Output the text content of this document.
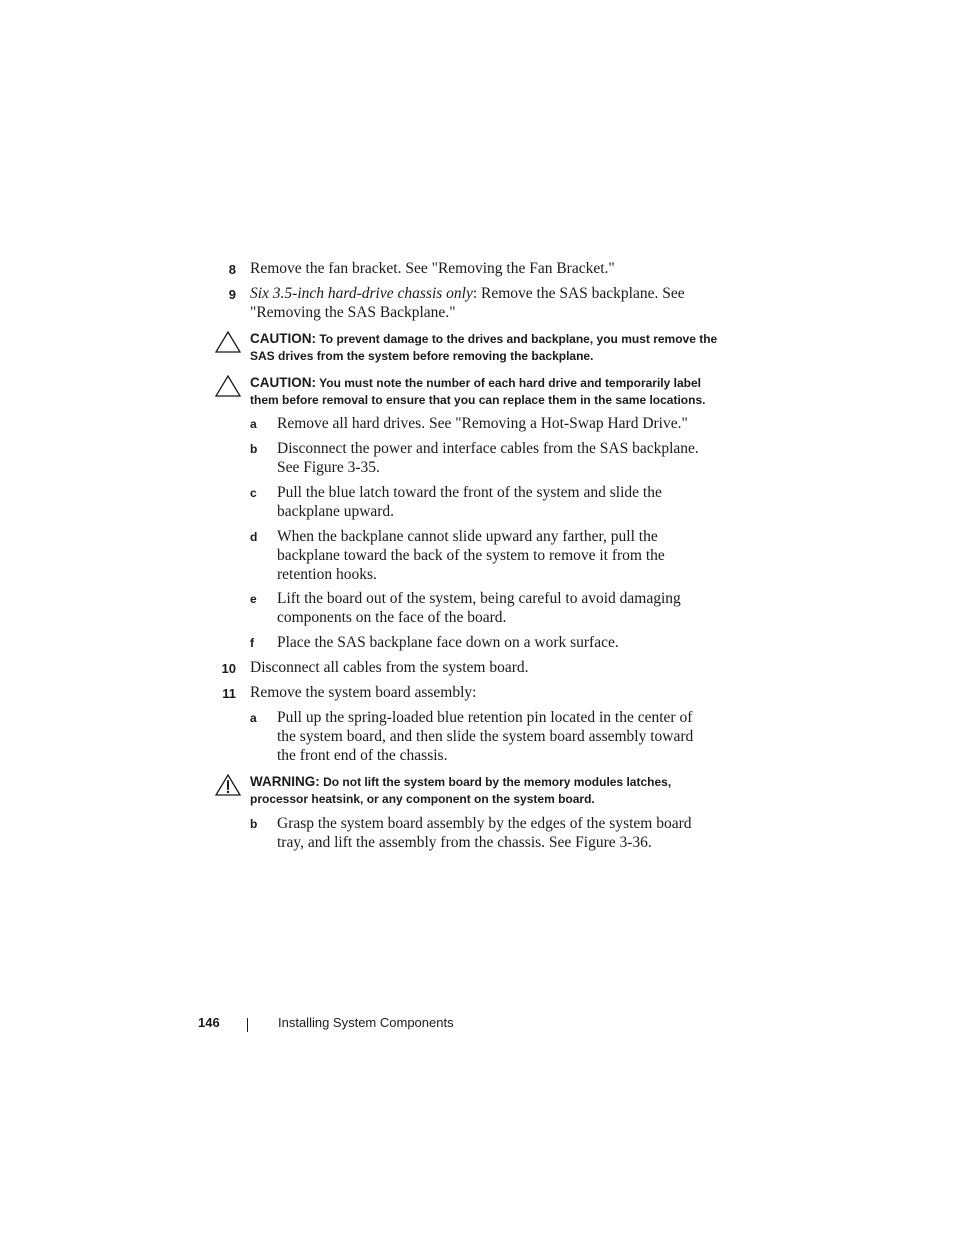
8 Remove the fan bracket. See "Removing the Fan Bracket."
9 Six 3.5-inch hard-drive chassis only: Remove the SAS backplane. See
"Removing the SAS Backplane."
CAUTION: To prevent damage to the drives and backplane, you must remove the
SAS drives from the system before removing the backplane.
CAUTION: You must note the number of each hard drive and temporarily label
them before removal to ensure that you can replace them in the same locations.
a	Remove all hard drives. See "Removing a Hot-Swap Hard Drive."
b	Disconnect the power and interface cables from the SAS backplane.
See Figure 3-35.
c	Pull the blue latch toward the front of the system and slide the
backplane upward.
d	When the backplane cannot slide upward any farther, pull the
backplane toward the back of the system to remove it from the
retention hooks.
e	Lift the board out of the system, being careful to avoid damaging
components on the face of the board.
f	Place the SAS backplane face down on a work surface.
10 Disconnect all cables from the system board.
11 Remove the system board assembly:
a	Pull up the spring-loaded blue retention pin located in the center of
the system board, and then slide the system board assembly toward
the front end of the chassis.
WARNING: Do not lift the system board by the memory modules latches,
processor heatsink, or any component on the system board.
b	Grasp the system board assembly by the edges of the system board
tray, and lift the assembly from the chassis. See Figure 3-36.
146	Installing System Components
